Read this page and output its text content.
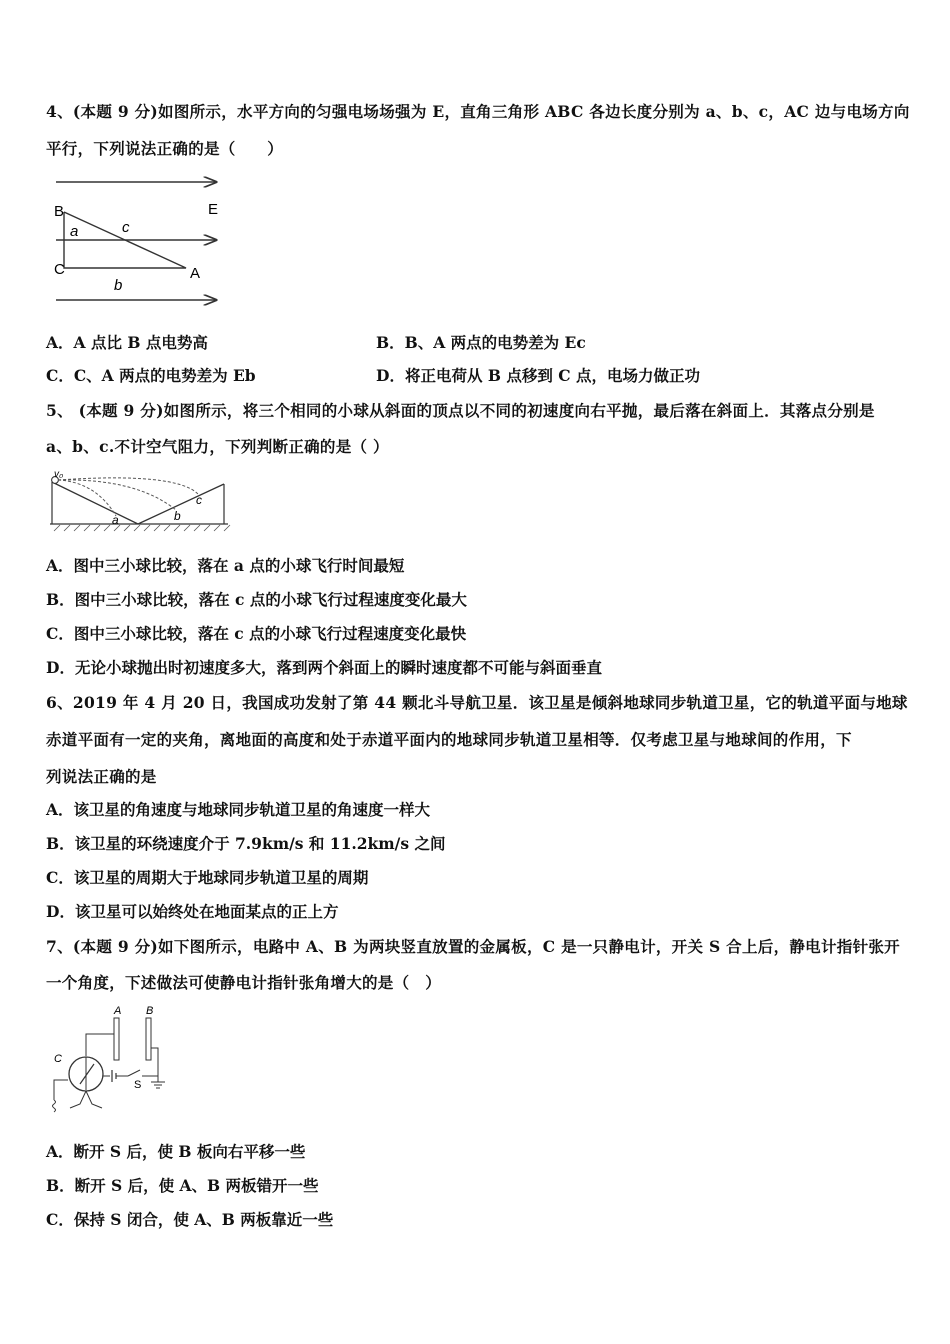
4、(本题 9 分)如图所示，水平方向的匀强电场场强为 E，直角三角形 ABC 各边长度分别为 a、b、c，AC 边与电场方向
平行，下列说法正确的是（　　）
B	E
a	c
C	A
b
A．A 点比 B 点电势高	B．B、A 两点的电势差为 Ec
C．C、A 两点的电势差为 Eb	D．将正电荷从 B 点移到 C 点，电场力做正功
5、 (本题 9 分)如图所示，将三个相同的小球从斜面的顶点以不同的初速度向右平抛，最后落在斜面上．其落点分别是
a、b、c.不计空气阻力，下列判断正确的是（ ）
v₀
a	b
c
A．图中三小球比较，落在 a 点的小球飞行时间最短
B．图中三小球比较，落在 c 点的小球飞行过程速度变化最大
C．图中三小球比较，落在 c 点的小球飞行过程速度变化最快
D．无论小球抛出时初速度多大，落到两个斜面上的瞬时速度都不可能与斜面垂直
6、2019 年 4 月 20 日，我国成功发射了第 44 颗北斗导航卫星．该卫星是倾斜地球同步轨道卫星，它的轨道平面与地球
赤道平面有一定的夹角，离地面的高度和处于赤道平面内的地球同步轨道卫星相等．仅考虑卫星与地球间的作用，下
列说法正确的是
A．该卫星的角速度与地球同步轨道卫星的角速度一样大
B．该卫星的环绕速度介于 7.9km/s 和 11.2km/s 之间
C．该卫星的周期大于地球同步轨道卫星的周期
D．该卫星可以始终处在地面某点的正上方
7、(本题 9 分)如下图所示，电路中 A、B 为两块竖直放置的金属板，C 是一只静电计，开关 S 合上后，静电计指针张开
一个角度，下述做法可使静电计指针张角增大的是（　）
A B
C
S
A．断开 S 后，使 B 板向右平移一些
B．断开 S 后，使 A、B 两板错开一些
C．保持 S 闭合，使 A、B 两板靠近一些
